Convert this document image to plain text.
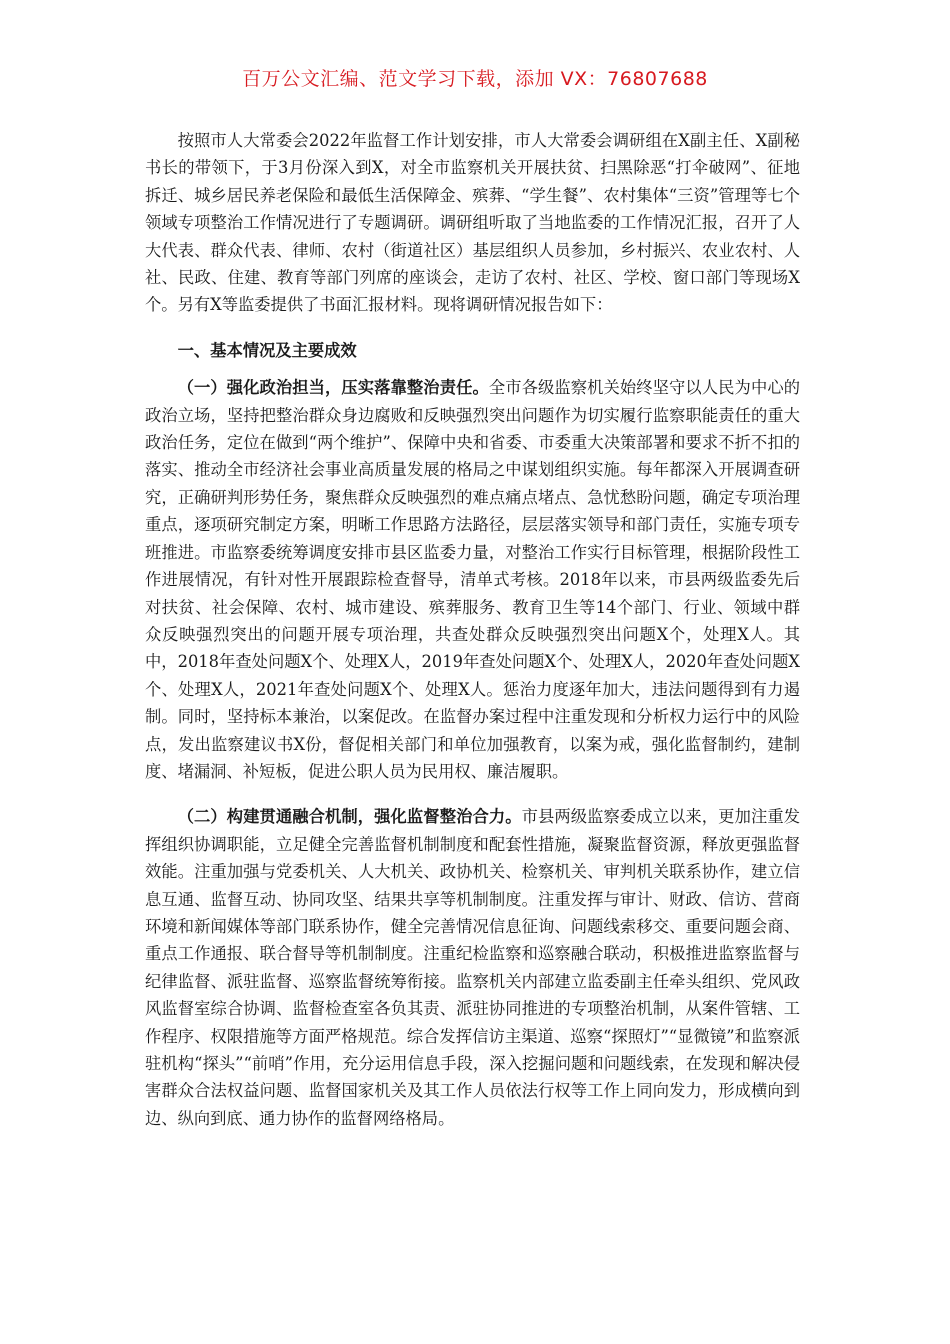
百万公文汇编、范文学习下载，添加 VX：76807688

按照市人大常委会2022年监督工作计划安排，市人大常委会调研组在X副主任、X副秘书长的带领下，于3月份深入到X，对全市监察机关开展扶贫、扫黑除恶“打伞破网”、征地拆迁、城乡居民养老保险和最低生活保障金、殡葬、“学生餐”、农村集体“三资”管理等七个领域专项整治工作情况进行了专题调研。调研组听取了当地监委的工作情况汇报，召开了人大代表、群众代表、律师、农村（街道社区）基层组织人员参加，乡村振兴、农业农村、人社、民政、住建、教育等部门列席的座谈会，走访了农村、社区、学校、窗口部门等现场X个。另有X等监委提供了书面汇报材料。现将调研情况报告如下：

一、基本情况及主要成效

（一）强化政治担当，压实落靠整治责任。全市各级监察机关始终坚守以人民为中心的政治立场，坚持把整治群众身边腐败和反映强烈突出问题作为切实履行监察职能责任的重大政治任务，定位在做到“两个维护”、保障中央和省委、市委重大决策部署和要求不折不扣的落实、推动全市经济社会事业高质量发展的格局之中谋划组织实施。每年都深入开展调查研究，正确研判形势任务，聚焦群众反映强烈的难点痛点堵点、急忧愁盼问题，确定专项治理重点，逐项研究制定方案，明晰工作思路方法路径，层层落实领导和部门责任，实施专项专班推进。市监察委统筹调度安排市县区监委力量，对整治工作实行目标管理，根据阶段性工作进展情况，有针对性开展跟踪检查督导，清单式考核。2018年以来，市县两级监委先后对扶贫、社会保障、农村、城市建设、殡葬服务、教育卫生等14个部门、行业、领域中群众反映强烈突出的问题开展专项治理，共查处群众反映强烈突出问题X个，处理X人。其中，2018年查处问题X个、处理X人，2019年查处问题X个、处理X人，2020年查处问题X个、处理X人，2021年查处问题X个、处理X人。惩治力度逐年加大，违法问题得到有力遏制。同时，坚持标本兼治，以案促改。在监督办案过程中注重发现和分析权力运行中的风险点，发出监察建议书X份，督促相关部门和单位加强教育，以案为戒，强化监督制约，建制度、堵漏洞、补短板，促进公职人员为民用权、廉洁履职。

（二）构建贯通融合机制，强化监督整治合力。市县两级监察委成立以来，更加注重发挥组织协调职能，立足健全完善监督机制制度和配套性措施，凝聚监督资源，释放更强监督效能。注重加强与党委机关、人大机关、政协机关、检察机关、审判机关联系协作，建立信息互通、监督互动、协同攻坚、结果共享等机制制度。注重发挥与审计、财政、信访、营商环境和新闻媒体等部门联系协作，健全完善情况信息征询、问题线索移交、重要问题会商、重点工作通报、联合督导等机制制度。注重纪检监察和巡察融合联动，积极推进监察监督与纪律监督、派驻监督、巡察监督统筹衔接。监察机关内部建立监委副主任牵头组织、党风政风监督室综合协调、监督检查室各负其责、派驻协同推进的专项整治机制，从案件管辖、工作程序、权限措施等方面严格规范。综合发挥信访主渠道、巡察“探照灯”“显微镜”和监察派驻机构“探头”“前哨”作用，充分运用信息手段，深入挖掘问题和问题线索，在发现和解决侵害群众合法权益问题、监督国家机关及其工作人员依法行权等工作上同向发力，形成横向到边、纵向到底、通力协作的监督网络格局。
